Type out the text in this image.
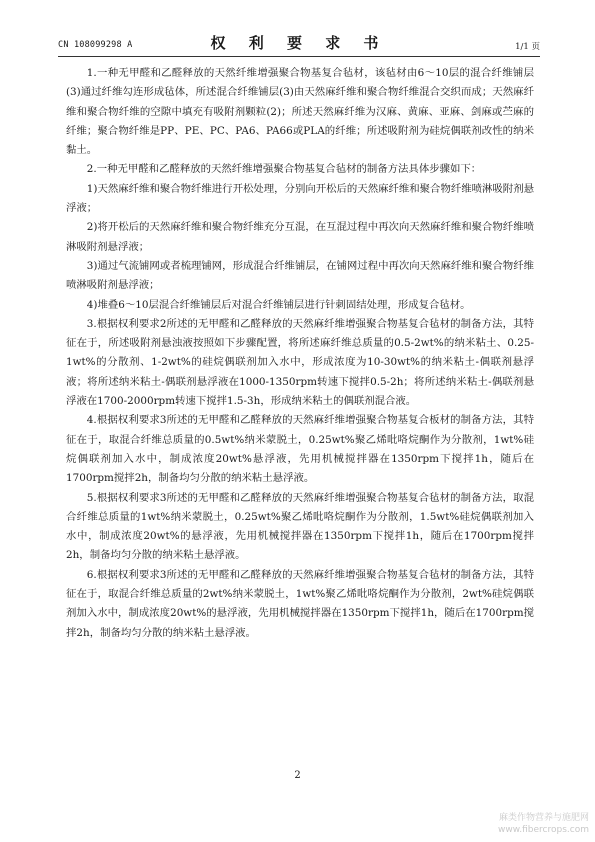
CN 108099298 A	权 利 要 求 书	1/1 页

1.一种无甲醛和乙醛释放的天然纤维增强聚合物基复合毡材，该毡材由6～10层的混合纤维铺层(3)通过纤维勾连形成毡体，所述混合纤维铺层(3)由天然麻纤维和聚合物纤维混合交织而成；天然麻纤维和聚合物纤维的空隙中填充有吸附剂颗粒(2)；所述天然麻纤维为汉麻、黄麻、亚麻、剑麻或苎麻的纤维；聚合物纤维是PP、PE、PC、PA6、PA66或PLA的纤维；所述吸附剂为硅烷偶联剂改性的纳米黏土。

2.一种无甲醛和乙醛释放的天然纤维增强聚合物基复合毡材的制备方法具体步骤如下：

1)天然麻纤维和聚合物纤维进行开松处理，分别向开松后的天然麻纤维和聚合物纤维喷淋吸附剂悬浮液；

2)将开松后的天然麻纤维和聚合物纤维充分互混，在互混过程中再次向天然麻纤维和聚合物纤维喷淋吸附剂悬浮液；

3)通过气流铺网或者梳理铺网，形成混合纤维铺层，在铺网过程中再次向天然麻纤维和聚合物纤维喷淋吸附剂悬浮液；

4)堆叠6～10层混合纤维铺层后对混合纤维铺层进行针刺固结处理，形成复合毡材。

3.根据权利要求2所述的无甲醛和乙醛释放的天然麻纤维增强聚合物基复合毡材的制备方法，其特征在于，所述吸附剂悬浊液按照如下步骤配置，将所述麻纤维总质量的0.5-2wt%的纳米粘土、0.25-1wt%的分散剂、1-2wt%的硅烷偶联剂加入水中，形成浓度为10-30wt%的纳米粘土-偶联剂悬浮液；将所述纳米粘土-偶联剂悬浮液在1000-1350rpm转速下搅拌0.5-2h；将所述纳米粘土-偶联剂悬浮液在1700-2000rpm转速下搅拌1.5-3h，形成纳米粘土的偶联剂混合液。

4.根据权利要求3所述的无甲醛和乙醛释放的天然麻纤维增强聚合物基复合板材的制备方法，其特征在于，取混合纤维总质量的0.5wt%纳米蒙脱土，0.25wt%聚乙烯吡咯烷酮作为分散剂，1wt%硅烷偶联剂加入水中，制成浓度20wt%悬浮液，先用机械搅拌器在1350rpm下搅拌1h，随后在1700rpm搅拌2h，制备均匀分散的纳米粘土悬浮液。

5.根据权利要求3所述的无甲醛和乙醛释放的天然麻纤维增强聚合物基复合毡材的制备方法，取混合纤维总质量的1wt%纳米蒙脱土，0.25wt%聚乙烯吡咯烷酮作为分散剂，1.5wt%硅烷偶联剂加入水中，制成浓度20wt%的悬浮液，先用机械搅拌器在1350rpm下搅拌1h，随后在1700rpm搅拌2h，制备均匀分散的纳米粘土悬浮液。

6.根据权利要求3所述的无甲醛和乙醛释放的天然麻纤维增强聚合物基复合毡材的制备方法，其特征在于，取混合纤维总质量的2wt%纳米蒙脱土，1wt%聚乙烯吡咯烷酮作为分散剂，2wt%硅烷偶联剂加入水中，制成浓度20wt%的悬浮液，先用机械搅拌器在1350rpm下搅拌1h，随后在1700rpm搅拌2h，制备均匀分散的纳米粘土悬浮液。

2
麻类作物营养与施肥网
www.fibercrops.com
